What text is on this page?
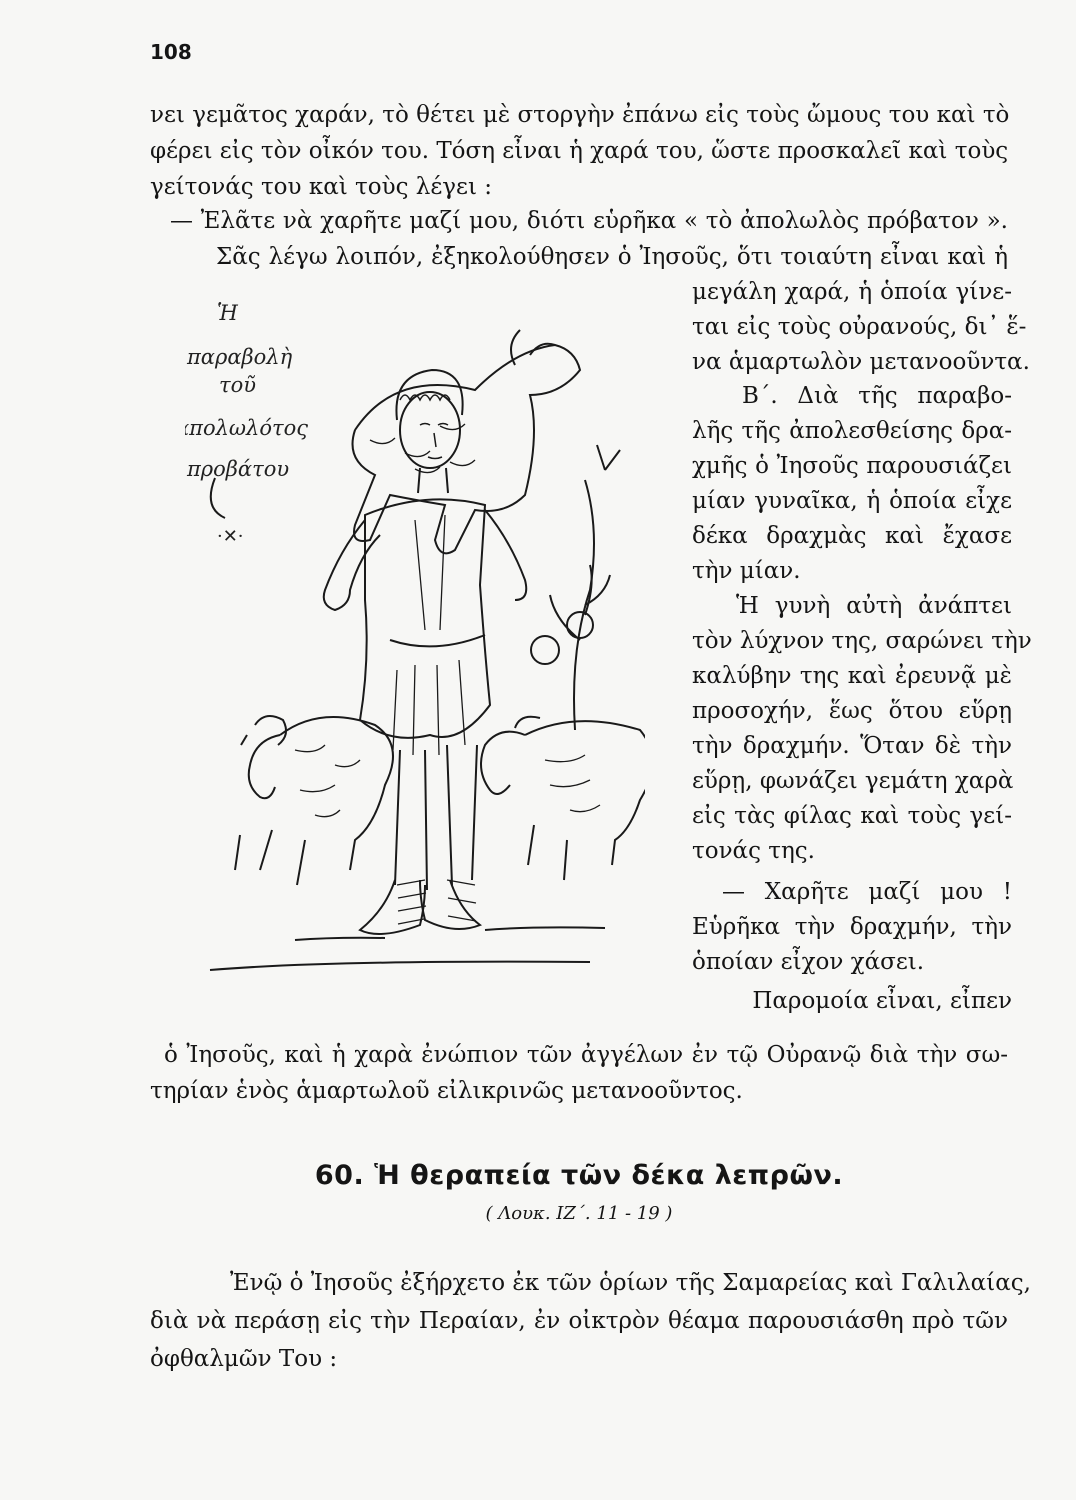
108
νει γεμᾶτος χαράν, τὸ θέτει μὲ στοργὴν ἐπάνω εἰς τοὺς ὤμους του καὶ τὸ
φέρει εἰς τὸν οἶκόν του. Τόση εἶναι ἡ χαρά του, ὥστε προσκαλεῖ καὶ τοὺς
γείτονάς του καὶ τοὺς λέγει :
— Ἐλᾶτε νὰ χαρῆτε μαζί μου, διότι εὑρῆκα « τὸ ἀπολωλὸς πρόβατον ».
Σᾶς λέγω λοιπόν, ἐξηκολούθησεν ὁ Ἰησοῦς, ὅτι τοιαύτη εἶναι καὶ ἡ
Ἡ
παραβολὴ
τοῦ
ἀπολωλότος
προβάτου
·✕·
μεγάλη χαρά, ἡ ὁποία γίνε-
ται εἰς τοὺς οὐρανούς, δι᾽ ἕ-
να ἁμαρτωλὸν μετανοοῦντα.
Β΄. Διὰ τῆς παραβο-
λῆς τῆς ἀπολεσθείσης δρα-
χμῆς ὁ Ἰησοῦς παρουσιάζει
μίαν γυναῖκα, ἡ ὁποία εἶχε
δέκα δραχμὰς καὶ ἔχασε
τὴν μίαν.
Ἡ γυνὴ αὐτὴ ἀνάπτει
τὸν λύχνον της, σαρώνει τὴν
καλύβην της καὶ ἐρευνᾷ μὲ
προσοχήν, ἕως ὅτου εὕρῃ
τὴν δραχμήν. Ὅταν δὲ τὴν
εὕρῃ, φωνάζει γεμάτη χαρὰ
εἰς τὰς φίλας καὶ τοὺς γεί-
τονάς της.
— Χαρῆτε μαζί μου !
Εὑρῆκα τὴν δραχμήν, τὴν
ὁποίαν εἶχον χάσει.
Παρομοία εἶναι, εἶπεν
ὁ Ἰησοῦς, καὶ ἡ χαρὰ ἐνώπιον τῶν ἀγγέλων ἐν τῷ Οὐρανῷ διὰ τὴν σω-
τηρίαν ἑνὸς ἁμαρτωλοῦ εἰλικρινῶς μετανοοῦντος.
60. Ἡ θεραπεία τῶν δέκα λεπρῶν.
( Λουκ. ΙΖ΄. 11 - 19 )
Ἐνῷ ὁ Ἰησοῦς ἐξήρχετο ἐκ τῶν ὁρίων τῆς Σαμαρείας καὶ Γαλιλαίας,
διὰ νὰ περάσῃ εἰς τὴν Περαίαν, ἐν οἰκτρὸν θέαμα παρουσιάσθη πρὸ τῶν
ὀφθαλμῶν Του :
